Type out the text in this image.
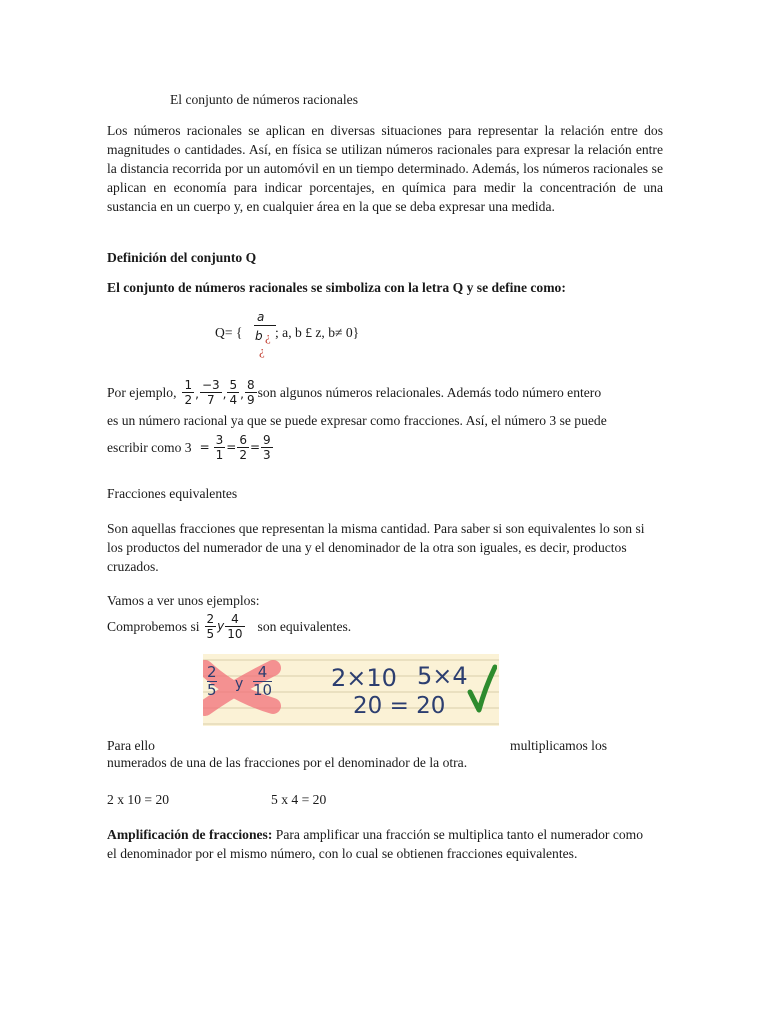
El conjunto de números racionales

Los números racionales se aplican en diversas situaciones para representar la relación entre dos magnitudes o cantidades. Así, en física se utilizan números racionales para expresar la relación entre la distancia recorrida por un automóvil en un tiempo determinado. Además, los números racionales se aplican en economía para indicar porcentajes, en química para medir la concentración de una sustancia en un cuerpo y, en cualquier área en la que se deba expresar una medida.

Definición del conjunto Q

El conjunto de números racionales se simboliza con la letra Q y se define como:

Q= {
a
b ¿
¿
; a, b £ z, b≠ 0}
Por ejemplo, $\frac{1}{2}$ , $\frac{-3}{7}$ , $\frac{5}{4}$ , $\frac{8}{9}$ son algunos números relacionales. Además todo número entero

es un número racional ya que se puede expresar como fracciones. Así, el número 3 se puede

escribir como $3 = \frac{3}{1} = \frac{6}{2} = \frac{9}{3}$

Fracciones equivalentes

Son aquellas fracciones que representan la misma cantidad. Para saber si son equivalentes lo son si los productos del numerador de una y el denominador de la otra son iguales, es decir, productos cruzados.

Vamos a ver unos ejemplos:

Comprobemos si $\frac{2}{5}$ y $\frac{4}{10}$ son equivalentes.

Para ello	multiplicamos los

numerados de una de las fracciones por el denominador de la otra.

2 x 10 = 20	5 x 4 = 20

Amplificación de fracciones: Para amplificar una fracción se multiplica tanto el numerador como el denominador por el mismo número, con lo cual se obtienen fracciones equivalentes.

2
5 y
4
10 2×10 5×4
20 = 20
